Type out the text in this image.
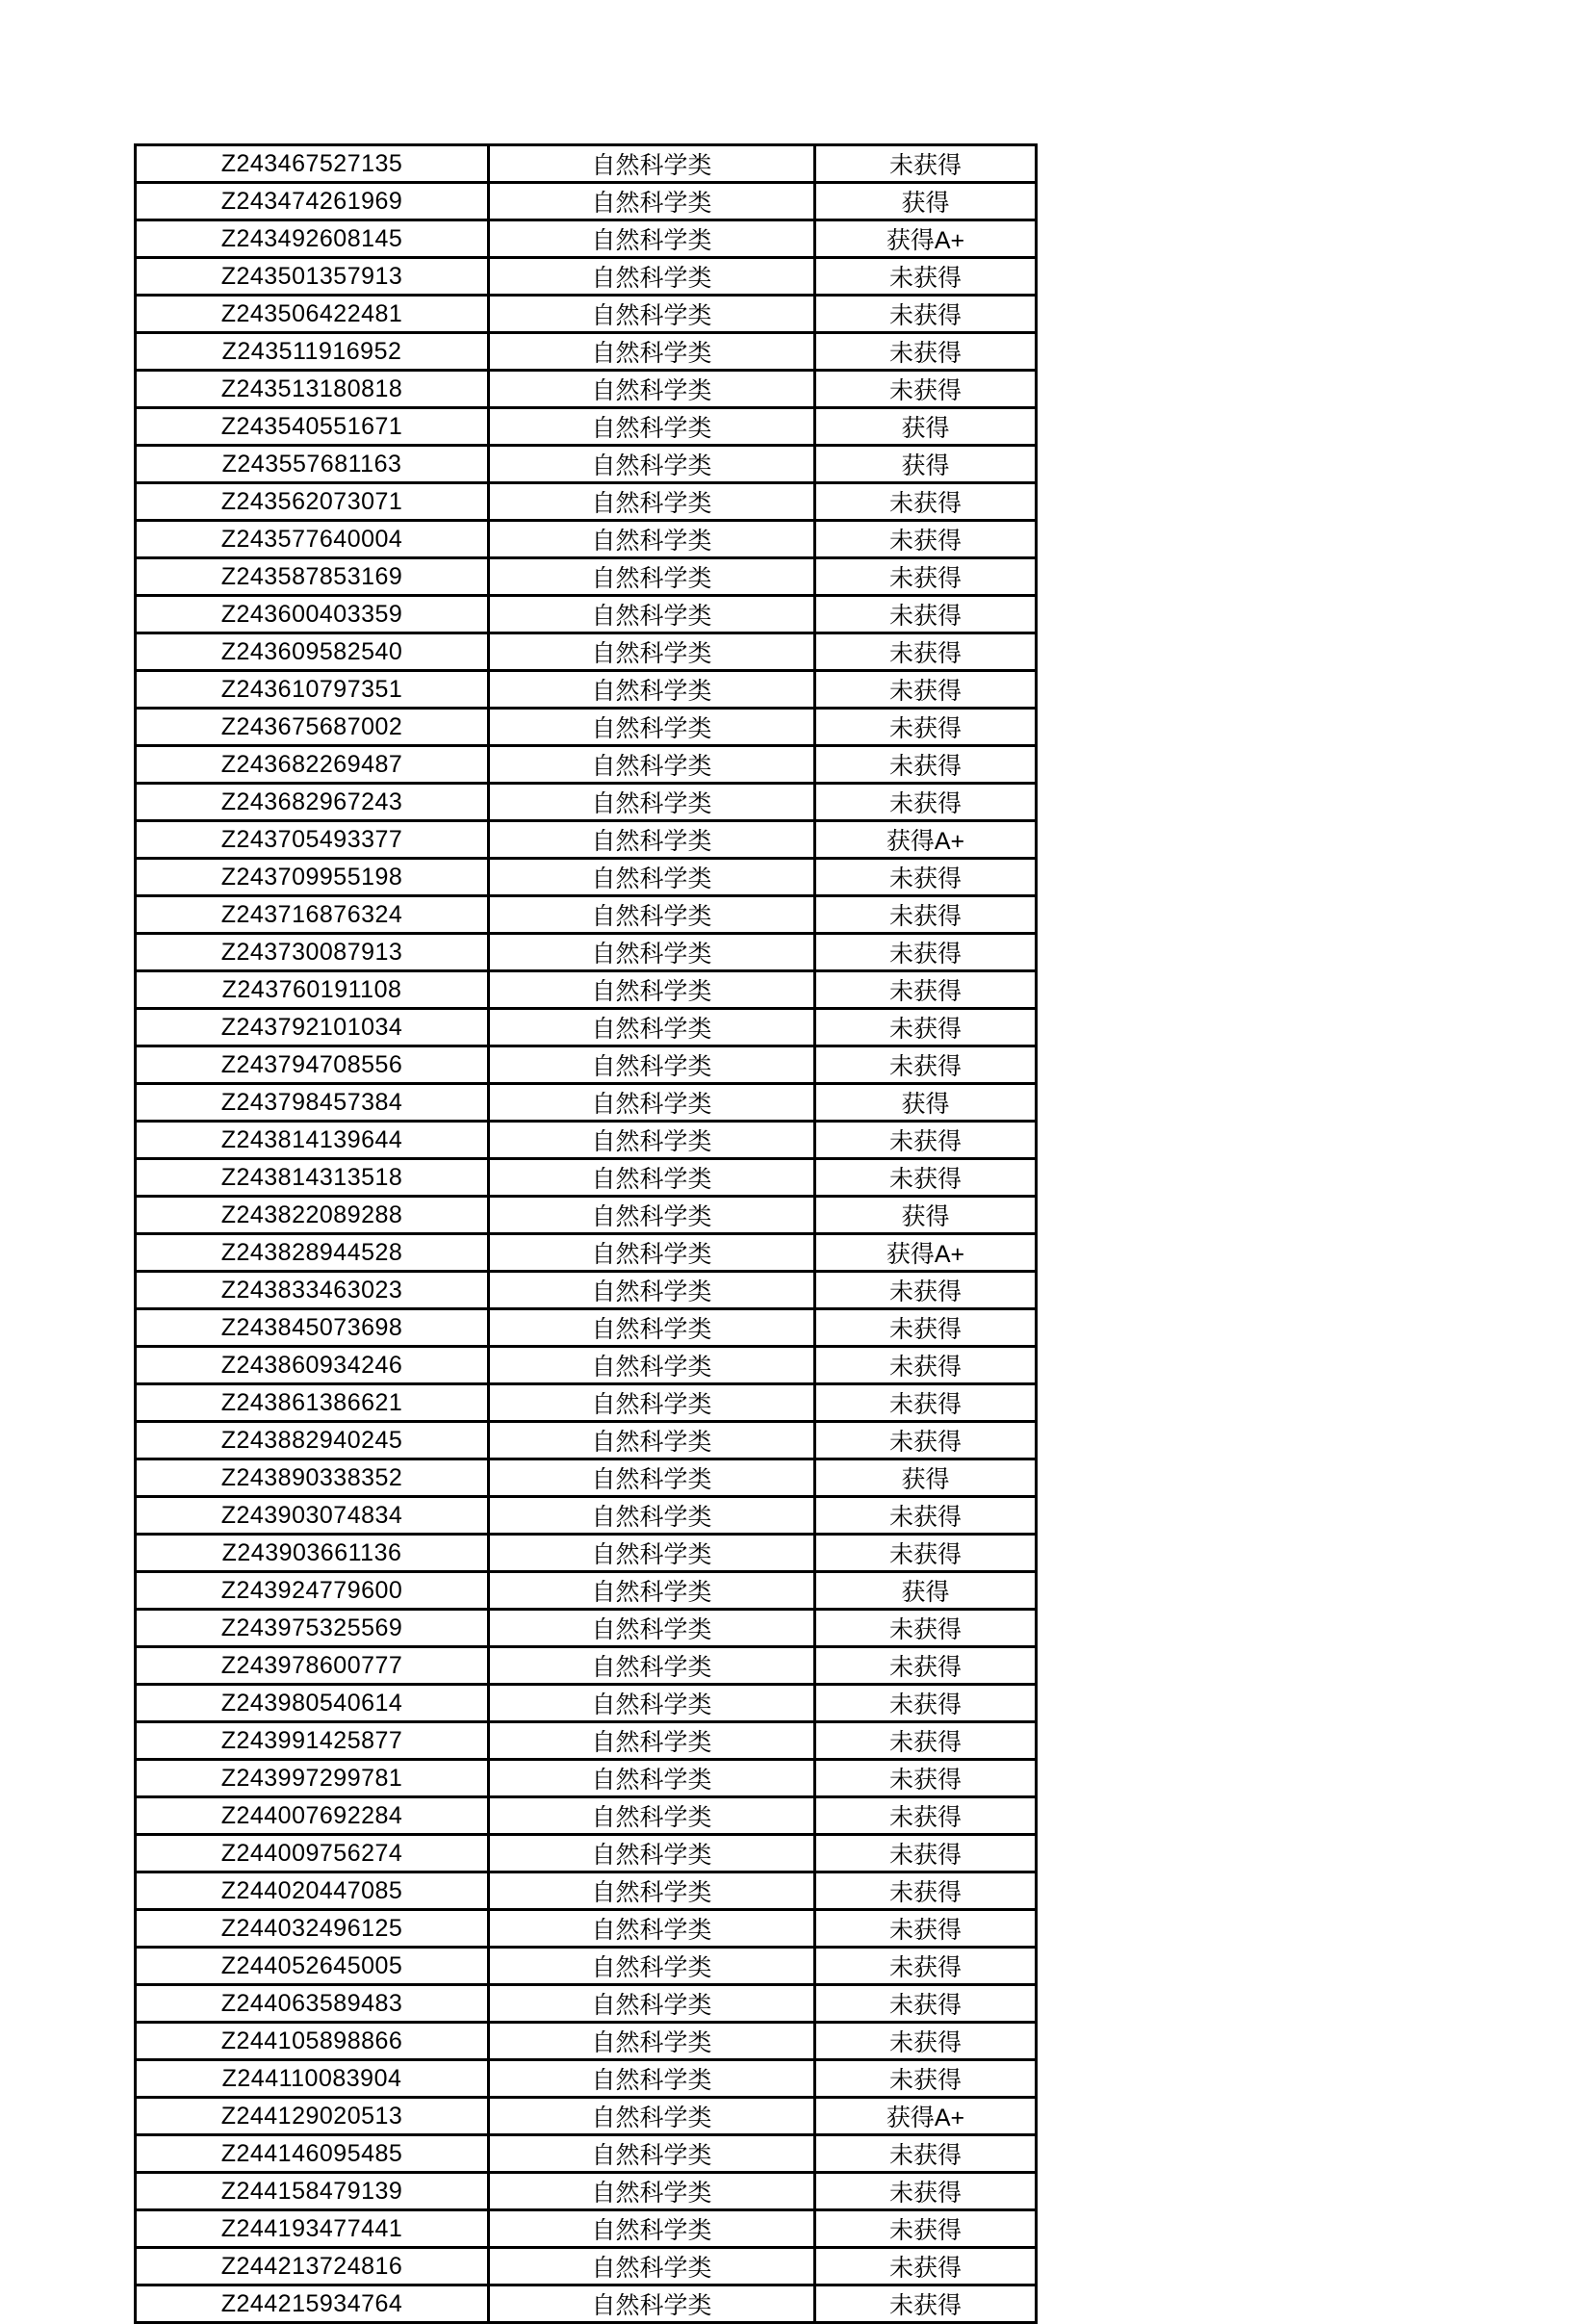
Z243467527135	自然科学类	未获得
Z243474261969	自然科学类	获得
Z243492608145	自然科学类	获得A+
Z243501357913	自然科学类	未获得
Z243506422481	自然科学类	未获得
Z243511916952	自然科学类	未获得
Z243513180818	自然科学类	未获得
Z243540551671	自然科学类	获得
Z243557681163	自然科学类	获得
Z243562073071	自然科学类	未获得
Z243577640004	自然科学类	未获得
Z243587853169	自然科学类	未获得
Z243600403359	自然科学类	未获得
Z243609582540	自然科学类	未获得
Z243610797351	自然科学类	未获得
Z243675687002	自然科学类	未获得
Z243682269487	自然科学类	未获得
Z243682967243	自然科学类	未获得
Z243705493377	自然科学类	获得A+
Z243709955198	自然科学类	未获得
Z243716876324	自然科学类	未获得
Z243730087913	自然科学类	未获得
Z243760191108	自然科学类	未获得
Z243792101034	自然科学类	未获得
Z243794708556	自然科学类	未获得
Z243798457384	自然科学类	获得
Z243814139644	自然科学类	未获得
Z243814313518	自然科学类	未获得
Z243822089288	自然科学类	获得
Z243828944528	自然科学类	获得A+
Z243833463023	自然科学类	未获得
Z243845073698	自然科学类	未获得
Z243860934246	自然科学类	未获得
Z243861386621	自然科学类	未获得
Z243882940245	自然科学类	未获得
Z243890338352	自然科学类	获得
Z243903074834	自然科学类	未获得
Z243903661136	自然科学类	未获得
Z243924779600	自然科学类	获得
Z243975325569	自然科学类	未获得
Z243978600777	自然科学类	未获得
Z243980540614	自然科学类	未获得
Z243991425877	自然科学类	未获得
Z243997299781	自然科学类	未获得
Z244007692284	自然科学类	未获得
Z244009756274	自然科学类	未获得
Z244020447085	自然科学类	未获得
Z244032496125	自然科学类	未获得
Z244052645005	自然科学类	未获得
Z244063589483	自然科学类	未获得
Z244105898866	自然科学类	未获得
Z244110083904	自然科学类	未获得
Z244129020513	自然科学类	获得A+
Z244146095485	自然科学类	未获得
Z244158479139	自然科学类	未获得
Z244193477441	自然科学类	未获得
Z244213724816	自然科学类	未获得
Z244215934764	自然科学类	未获得
